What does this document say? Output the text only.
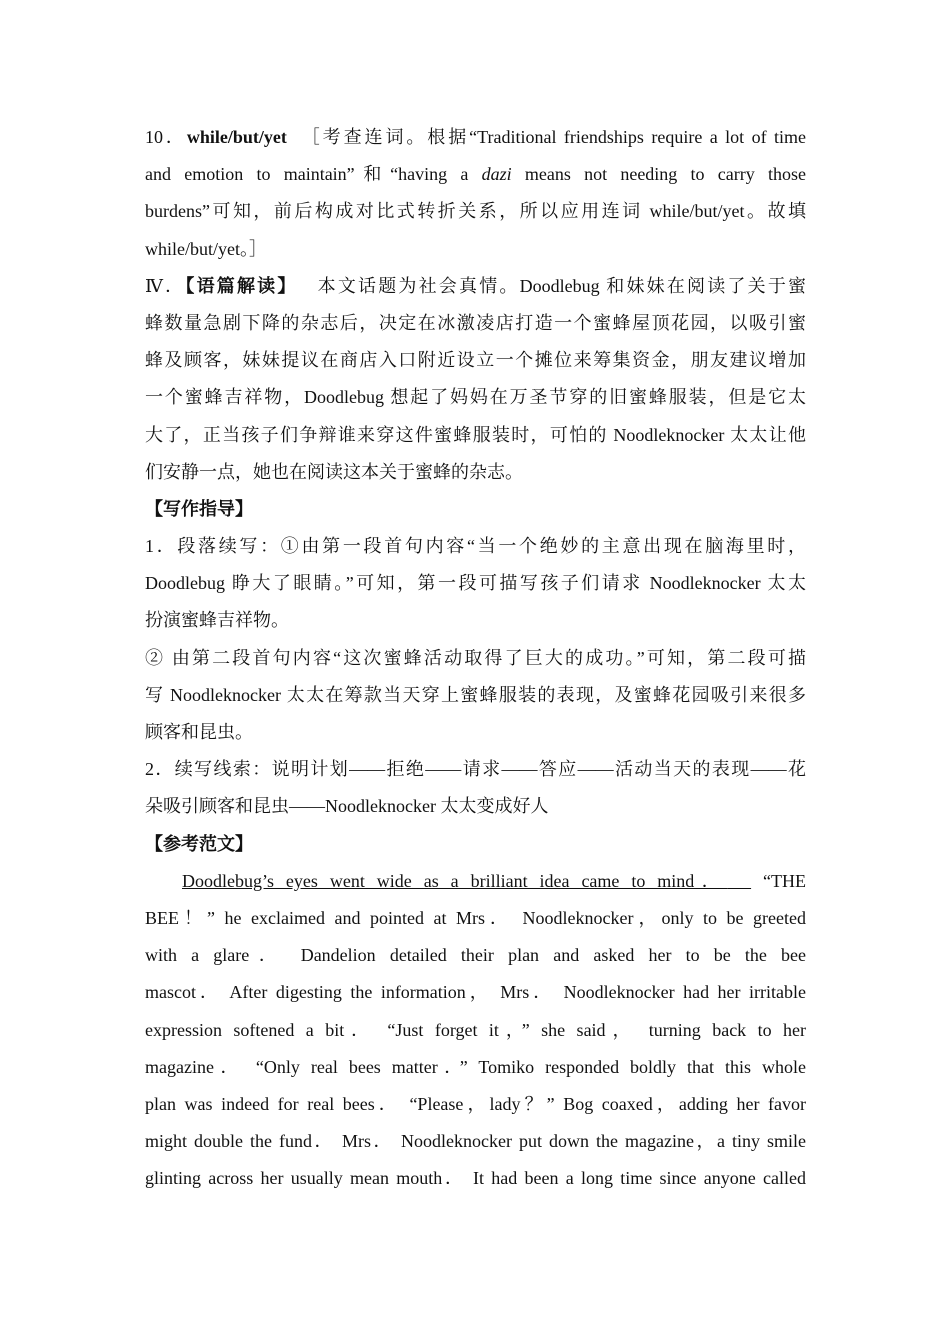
10．while/but/yet ［考查连词。根据“Traditional friendships require a lot of time
and emotion to maintain”和“having a dazi means not needing to carry those
burdens”可知，前后构成对比式转折关系，所以应用连词 while/but/yet。故填
while/but/yet。］
Ⅳ．【语篇解读】 本文话题为社会真情。Doodlebug 和妹妹在阅读了关于蜜
蜂数量急剧下降的杂志后，决定在冰激凌店打造一个蜜蜂屋顶花园，以吸引蜜
蜂及顾客，妹妹提议在商店入口附近设立一个摊位来筹集资金，朋友建议增加
一个蜜蜂吉祥物，Doodlebug 想起了妈妈在万圣节穿的旧蜜蜂服装，但是它太
大了，正当孩子们争辩谁来穿这件蜜蜂服装时，可怕的 Noodleknocker 太太让他
们安静一点，她也在阅读这本关于蜜蜂的杂志。
【写作指导】
1．段落续写：①由第一段首句内容“当一个绝妙的主意出现在脑海里时，
Doodlebug 睁大了眼睛。”可知，第一段可描写孩子们请求 Noodleknocker 太太
扮演蜜蜂吉祥物。
② 由第二段首句内容“这次蜜蜂活动取得了巨大的成功。”可知，第二段可描
写 Noodleknocker 太太在筹款当天穿上蜜蜂服装的表现，及蜜蜂花园吸引来很多
顾客和昆虫。
2．续写线索：说明计划——拒绝——请求——答应——活动当天的表现——花
朵吸引顾客和昆虫——Noodleknocker 太太变成好人
【参考范文】
Doodlebug’s eyes went wide as a brilliant idea came to mind． “THE
BEE！” he exclaimed and pointed at Mrs． Noodleknocker，only to be greeted
with a glare． Dandelion detailed their plan and asked her to be the bee
mascot． After digesting the information， Mrs． Noodleknocker had her irritable
expression softened a bit． “Just forget it，” she said， turning back to her
magazine． “Only real bees matter．” Tomiko responded boldly that this whole
plan was indeed for real bees． “Please，lady？” Bog coaxed，adding her favor
might double the fund． Mrs． Noodleknocker put down the magazine，a tiny smile
glinting across her usually mean mouth． It had been a long time since anyone called
